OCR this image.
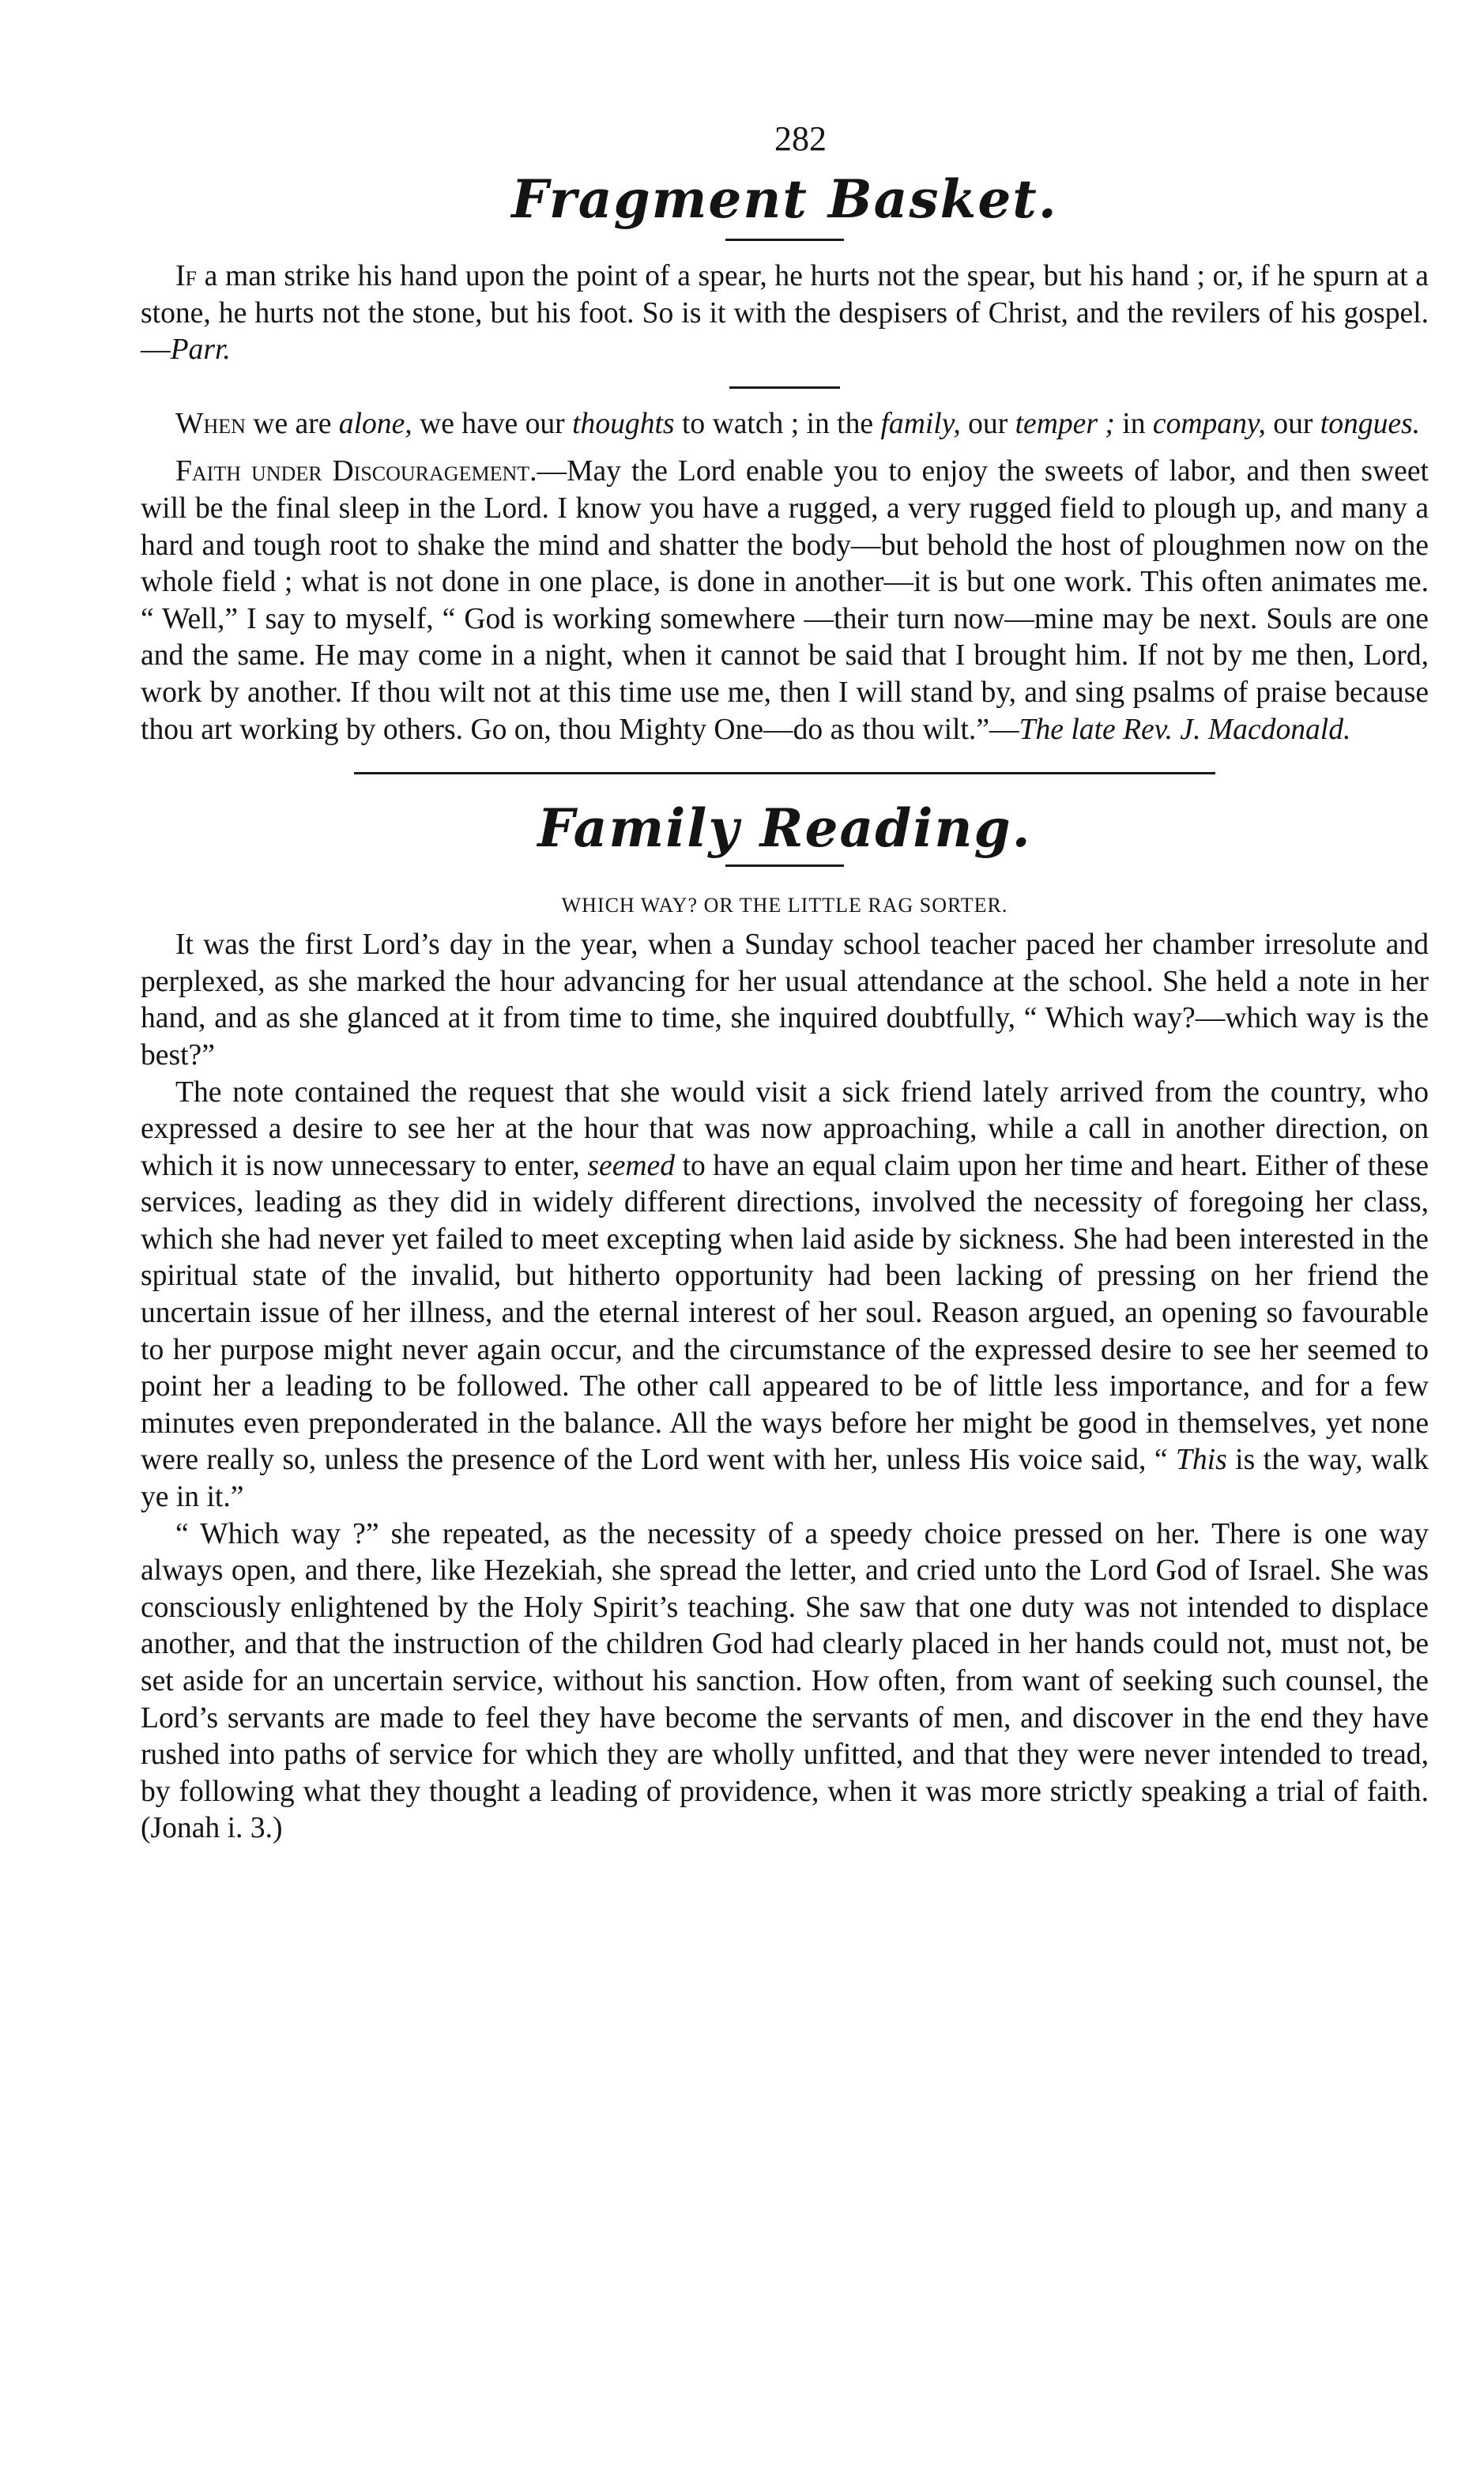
282
Fragment Basket.

If a man strike his hand upon the point of a spear, he hurts not the spear, but his hand ; or, if he spurn at a stone, he hurts not the stone, but his foot. So is it with the despisers of Christ, and the revilers of his gospel.—Parr.

When we are alone, we have our thoughts to watch ; in the family, our temper ; in company, our tongues.

Faith under Discouragement.—May the Lord enable you to enjoy the sweets of labor, and then sweet will be the final sleep in the Lord. I know you have a rugged, a very rugged field to plough up, and many a hard and tough root to shake the mind and shatter the body—but behold the host of ploughmen now on the whole field ; what is not done in one place, is done in another—it is but one work. This often animates me. “ Well,” I say to myself, “ God is working somewhere —their turn now—mine may be next. Souls are one and the same. He may come in a night, when it cannot be said that I brought him. If not by me then, Lord, work by another. If thou wilt not at this time use me, then I will stand by, and sing psalms of praise because thou art working by others. Go on, thou Mighty One—do as thou wilt.”—The late Rev. J. Macdonald.

Family Reading.
WHICH WAY? OR THE LITTLE RAG SORTER.

It was the first Lord’s day in the year, when a Sunday school teacher paced her chamber irresolute and perplexed, as she marked the hour advancing for her usual attendance at the school. She held a note in her hand, and as she glanced at it from time to time, she inquired doubtfully, “ Which way?—which way is the best?”

The note contained the request that she would visit a sick friend lately arrived from the country, who expressed a desire to see her at the hour that was now approaching, while a call in another direction, on which it is now unnecessary to enter, seemed to have an equal claim upon her time and heart. Either of these services, leading as they did in widely different directions, involved the necessity of foregoing her class, which she had never yet failed to meet excepting when laid aside by sickness. She had been interested in the spiritual state of the invalid, but hitherto opportunity had been lacking of pressing on her friend the uncertain issue of her illness, and the eternal interest of her soul. Reason argued, an opening so favourable to her purpose might never again occur, and the circumstance of the expressed desire to see her seemed to point her a leading to be followed. The other call appeared to be of little less importance, and for a few minutes even preponderated in the balance. All the ways before her might be good in themselves, yet none were really so, unless the presence of the Lord went with her, unless His voice said, “ This is the way, walk ye in it.”

“ Which way ?” she repeated, as the necessity of a speedy choice pressed on her. There is one way always open, and there, like Hezekiah, she spread the letter, and cried unto the Lord God of Israel. She was consciously enlightened by the Holy Spirit’s teaching. She saw that one duty was not intended to displace another, and that the instruction of the children God had clearly placed in her hands could not, must not, be set aside for an uncertain service, without his sanction. How often, from want of seeking such counsel, the Lord’s servants are made to feel they have become the servants of men, and discover in the end they have rushed into paths of service for which they are wholly unfitted, and that they were never intended to tread, by following what they thought a leading of providence, when it was more strictly speaking a trial of faith. (Jonah i. 3.)
